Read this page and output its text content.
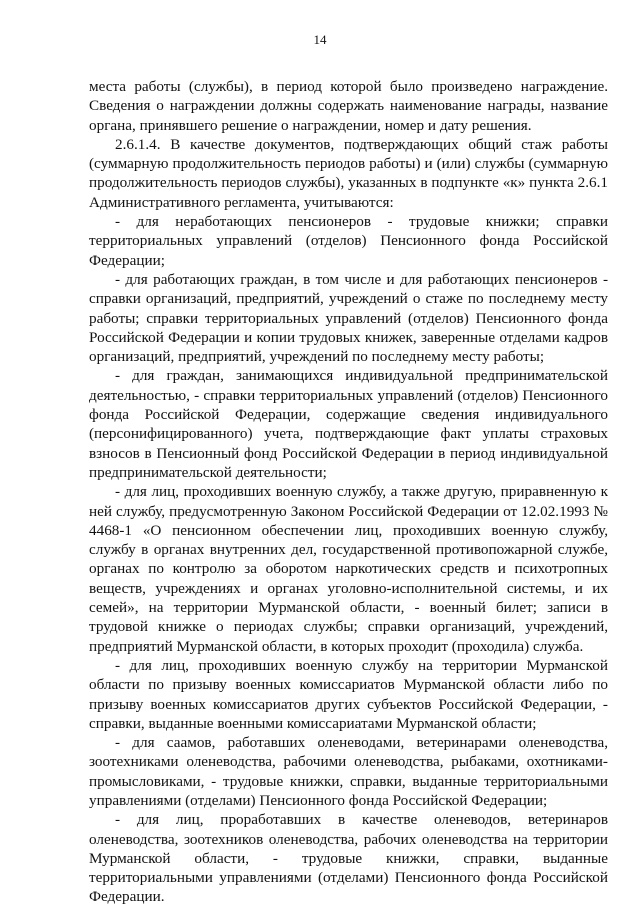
14

места работы (службы), в период которой было произведено награждение. Сведения о награждении должны содержать наименование награды, название органа, принявшего решение о награждении, номер и дату решения.

2.6.1.4. В качестве документов, подтверждающих общий стаж работы (суммарную продолжительность периодов работы) и (или) службы (суммарную продолжительность периодов службы), указанных в подпункте «к» пункта 2.6.1 Административного регламента, учитываются:

- для неработающих пенсионеров - трудовые книжки; справки территориальных управлений (отделов) Пенсионного фонда Российской Федерации;

- для работающих граждан, в том числе и для работающих пенсионеров - справки организаций, предприятий, учреждений о стаже по последнему месту работы; справки территориальных управлений (отделов) Пенсионного фонда Российской Федерации и копии трудовых книжек, заверенные отделами кадров организаций, предприятий, учреждений по последнему месту работы;

- для граждан, занимающихся индивидуальной предпринимательской деятельностью, - справки территориальных управлений (отделов) Пенсионного фонда Российской Федерации, содержащие сведения индивидуального (персонифицированного) учета, подтверждающие факт уплаты страховых взносов в Пенсионный фонд Российской Федерации в период индивидуальной предпринимательской деятельности;

- для лиц, проходивших военную службу, а также другую, приравненную к ней службу, предусмотренную Законом Российской Федерации от 12.02.1993 № 4468-1 «О пенсионном обеспечении лиц, проходивших военную службу, службу в органах внутренних дел, государственной противопожарной службе, органах по контролю за оборотом наркотических средств и психотропных веществ, учреждениях и органах уголовно-исполнительной системы, и их семей», на территории Мурманской области, - военный билет; записи в трудовой книжке о периодах службы; справки организаций, учреждений, предприятий Мурманской области, в которых проходит (проходила) служба.

- для лиц, проходивших военную службу на территории Мурманской области по призыву военных комиссариатов Мурманской области либо по призыву военных комиссариатов других субъектов Российской Федерации, - справки, выданные военными комиссариатами Мурманской области;

- для саамов, работавших оленеводами, ветеринарами оленеводства, зоотехниками оленеводства, рабочими оленеводства, рыбаками, охотниками-промысловиками, - трудовые книжки, справки, выданные территориальными управлениями (отделами) Пенсионного фонда Российской Федерации;

- для лиц, проработавших в качестве оленеводов, ветеринаров оленеводства, зоотехников оленеводства, рабочих оленеводства на территории Мурманской области, - трудовые книжки, справки, выданные территориальными управлениями (отделами) Пенсионного фонда Российской Федерации.
